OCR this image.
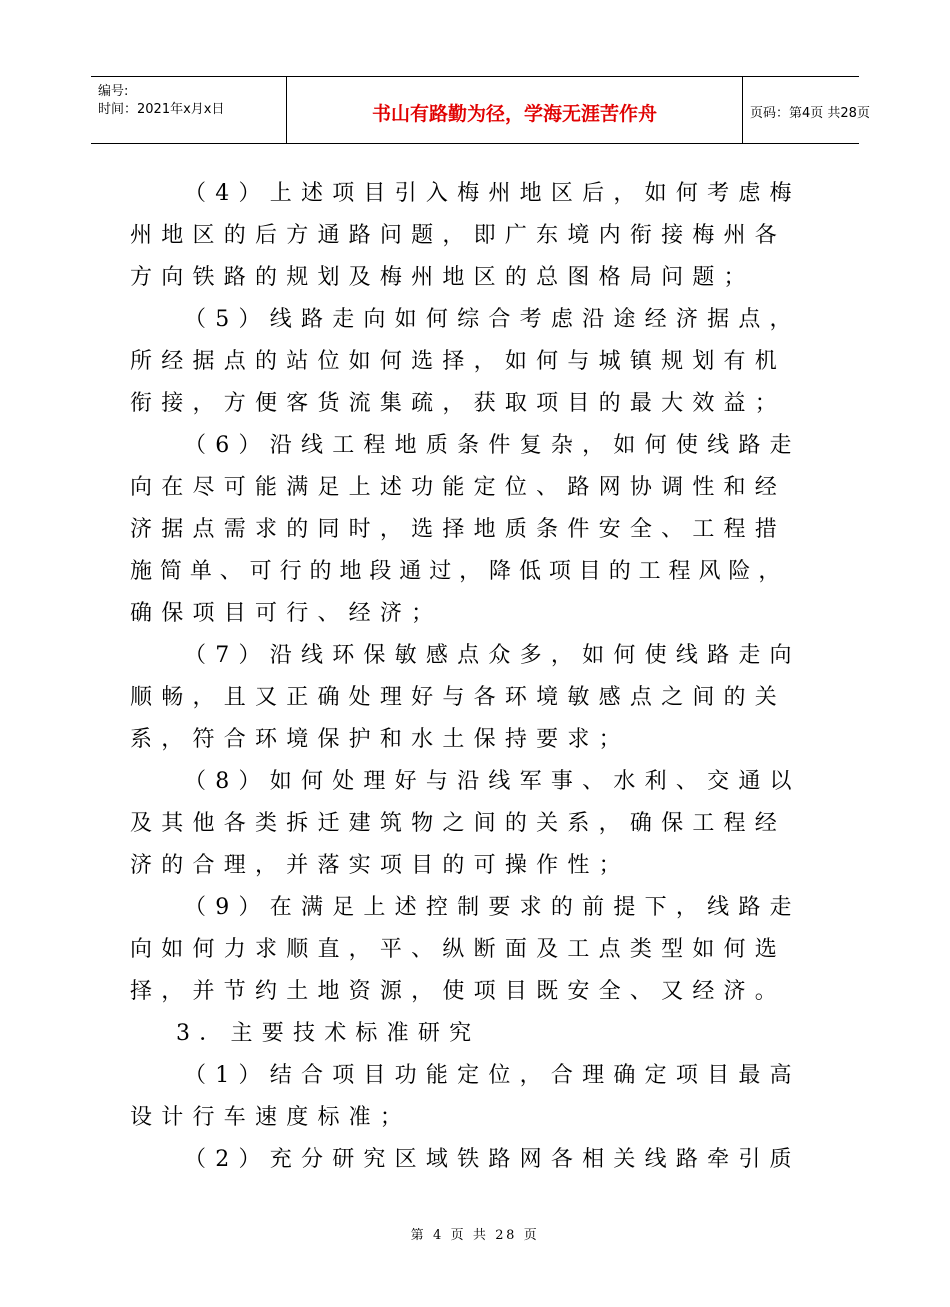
编号:
时间：2021年x月x日	书山有路勤为径，学海无涯苦作舟	页码：第4页 共28页
（4）上述项目引入梅州地区后，如何考虑梅
州地区的后方通路问题，即广东境内衔接梅州各
方向铁路的规划及梅州地区的总图格局问题；
（5）线路走向如何综合考虑沿途经济据点，
所经据点的站位如何选择，如何与城镇规划有机
衔接，方便客货流集疏，获取项目的最大效益；
（6）沿线工程地质条件复杂，如何使线路走
向在尽可能满足上述功能定位、路网协调性和经
济据点需求的同时，选择地质条件安全、工程措
施简单、可行的地段通过，降低项目的工程风险，
确保项目可行、经济；
（7）沿线环保敏感点众多，如何使线路走向
顺畅，且又正确处理好与各环境敏感点之间的关
系，符合环境保护和水土保持要求；
（8）如何处理好与沿线军事、水利、交通以
及其他各类拆迁建筑物之间的关系，确保工程经
济的合理，并落实项目的可操作性；
（9）在满足上述控制要求的前提下，线路走
向如何力求顺直，平、纵断面及工点类型如何选
择，并节约土地资源，使项目既安全、又经济。
3．主要技术标准研究
（1）结合项目功能定位，合理确定项目最高
设计行车速度标准；
（2）充分研究区域铁路网各相关线路牵引质
第 4 页 共 28 页
